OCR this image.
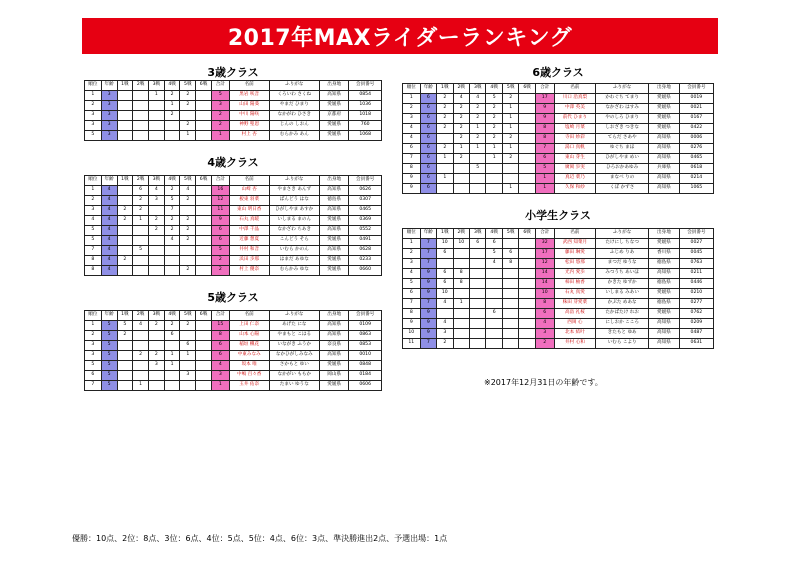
2017年MAXライダーランキング
3歳クラス
順位	年齢	1戦	2戦	3戦	4戦	5戦	6戦	合計	名前	ふりがな	出身地	会員番号
1	3			1	2	2		5	黒岩 咲音	くろいわ さくね	高知県	0854
2	3				1	2		3	山田 陽葵	やまだ ひまり	愛媛県	1036
3	3				2			2	中川 陽咲	なかがわ ひさき	京都府	1018
3	3					2		2	神野 聖恩	じんの しおん	愛媛県	760
5	3					1		1	村上 杏	むらかみ あん	愛媛県	1068
4歳クラス
順位	年齢	1戦	2戦	3戦	4戦	5戦	6戦	合計	名前	ふりがな	出身地	会員番号
1	4		6	4	2	4		16	山崎 杏	やまさき あんず	高知県	0626
2	4		2	3	5	2		12	板東 羽菜	ばんどう はな	徳島県	0307
3	4	2	2		7			11	東山 明日香	ひがしやま あすか	高知県	0465
4	4	2	1	2	2	2		9	石丸 真暖	いしまる まのん	愛媛県	0369
5	4			2	2	2		6	中澤 千晶	なかざわ ちあき	高知県	0552
5	4				4	2		6	近藤 想夏	こんどう そら	愛媛県	0491
7	4		5					5	井村 和音	いむら かのん	高知県	0628
8	4	2						2	浜田 歩那	はまだ あゆな	愛媛県	0233
8	4					2		2	村上 優奈	むらかみ ゆな	愛媛県	0660
5歳クラス
順位	年齢	1戦	2戦	3戦	4戦	5戦	6戦	合計	名前	ふりがな	出身地	会員番号
1	5	5	4	2	2	2		15	上田 仁奈	あげた にな	高知県	0109
2	5	2			6			8	山本 心陽	やまもと こはる	高知県	0863
3	5					6		6	稲垣 楓花	いながき ふうか	奈良県	0853
3	5		2	2	1	1		6	中東みなみ	なかひがしみなみ	高知県	0010
5	5			3	1			4	坂本 唯	さかもと ゆい	愛媛県	0848
6	5					3		3	中嶋 百々香	なかがい ももか	岡山県	0184
7	5		1					1	玉井 佑奈	たまい ゆうな	愛媛県	0606
6歳クラス
順位	年齢	1戦	2戦	3戦	4戦	5戦	6戦	合計	名前	ふりがな	出身地	会員番号
1	6	2	4	4	5	2		17	川口 沿真梨	かわぐち てまり	愛媛県	0019
2	6	2	2	2	2	1		9	中澤 英美	なかざわ はすみ	愛媛県	0021
3	6	2	2	2	2	1		9	前代 ひまり	やのしろ ひまり	愛媛県	0167
4	6	2	2	1	2	1		8	塩崎 月菜	しおざき つきな	愛媛県	0422
4	6		2	2	2	2		8	寺田 紗彩	てらだ さあや	高知県	0006
6	6	2	1	1	1	1		7	湯口 真帆	ゆぐち まほ	高知県	0276
7	6	1	2		1	2		6	東山 芽生	ひがしやま めい	高知県	0465
8	6			5				5	廣岡 歩実	ひろおかあゆみ	兵庫県	0618
9	6	1						1	真辺 菜乃	まなべ りの	高知県	0214
9	6					1		1	久保 和紗	くぼ かずさ	高知県	1065
小学生クラス
順位	年齢	1戦	2戦	3戦	4戦	5戦	6戦	合計	名前	ふりがな	出身地	会員番号
1	7	10	10	6	6			32	武西 知菜月	たけにし ちなつ	愛媛県	0027
2	7	6			5	6		17	藤田 琳愛	ふじめ りあ	香川県	0045
3	7				4	8		12	松田 悠那	まつだ ゆうな	徳島県	0763
4	9	6	8					14	光内 愛歩	みつうち あいほ	高知県	0211
5	9	6	8					14	柿田 柚香	かきた ゆずか	徳島県	0446
6	9	10						10	石丸 真愛	いしまる みあい	愛媛県	0210
7	7	4	1					8	株田 芽愛菜	かぶた めあな	徳島県	0277
8	9				6			6	高畠 礼桜	たかばたけ れお	愛媛県	0762
9	9	4						4	西岡 心	にしおか こころ	高知県	0209
10	9	3						3	北本 結叶	きたもと ゆあ	高知県	0487
11	7	2						2	井村 心和	いむら こより	高知県	0631
※2017年12月31日の年齢です。
優勝：10点、2位：8点、3位：6点、4位：5点、5位：4点、6位：3点、準決勝進出2点、予選出場：1点
